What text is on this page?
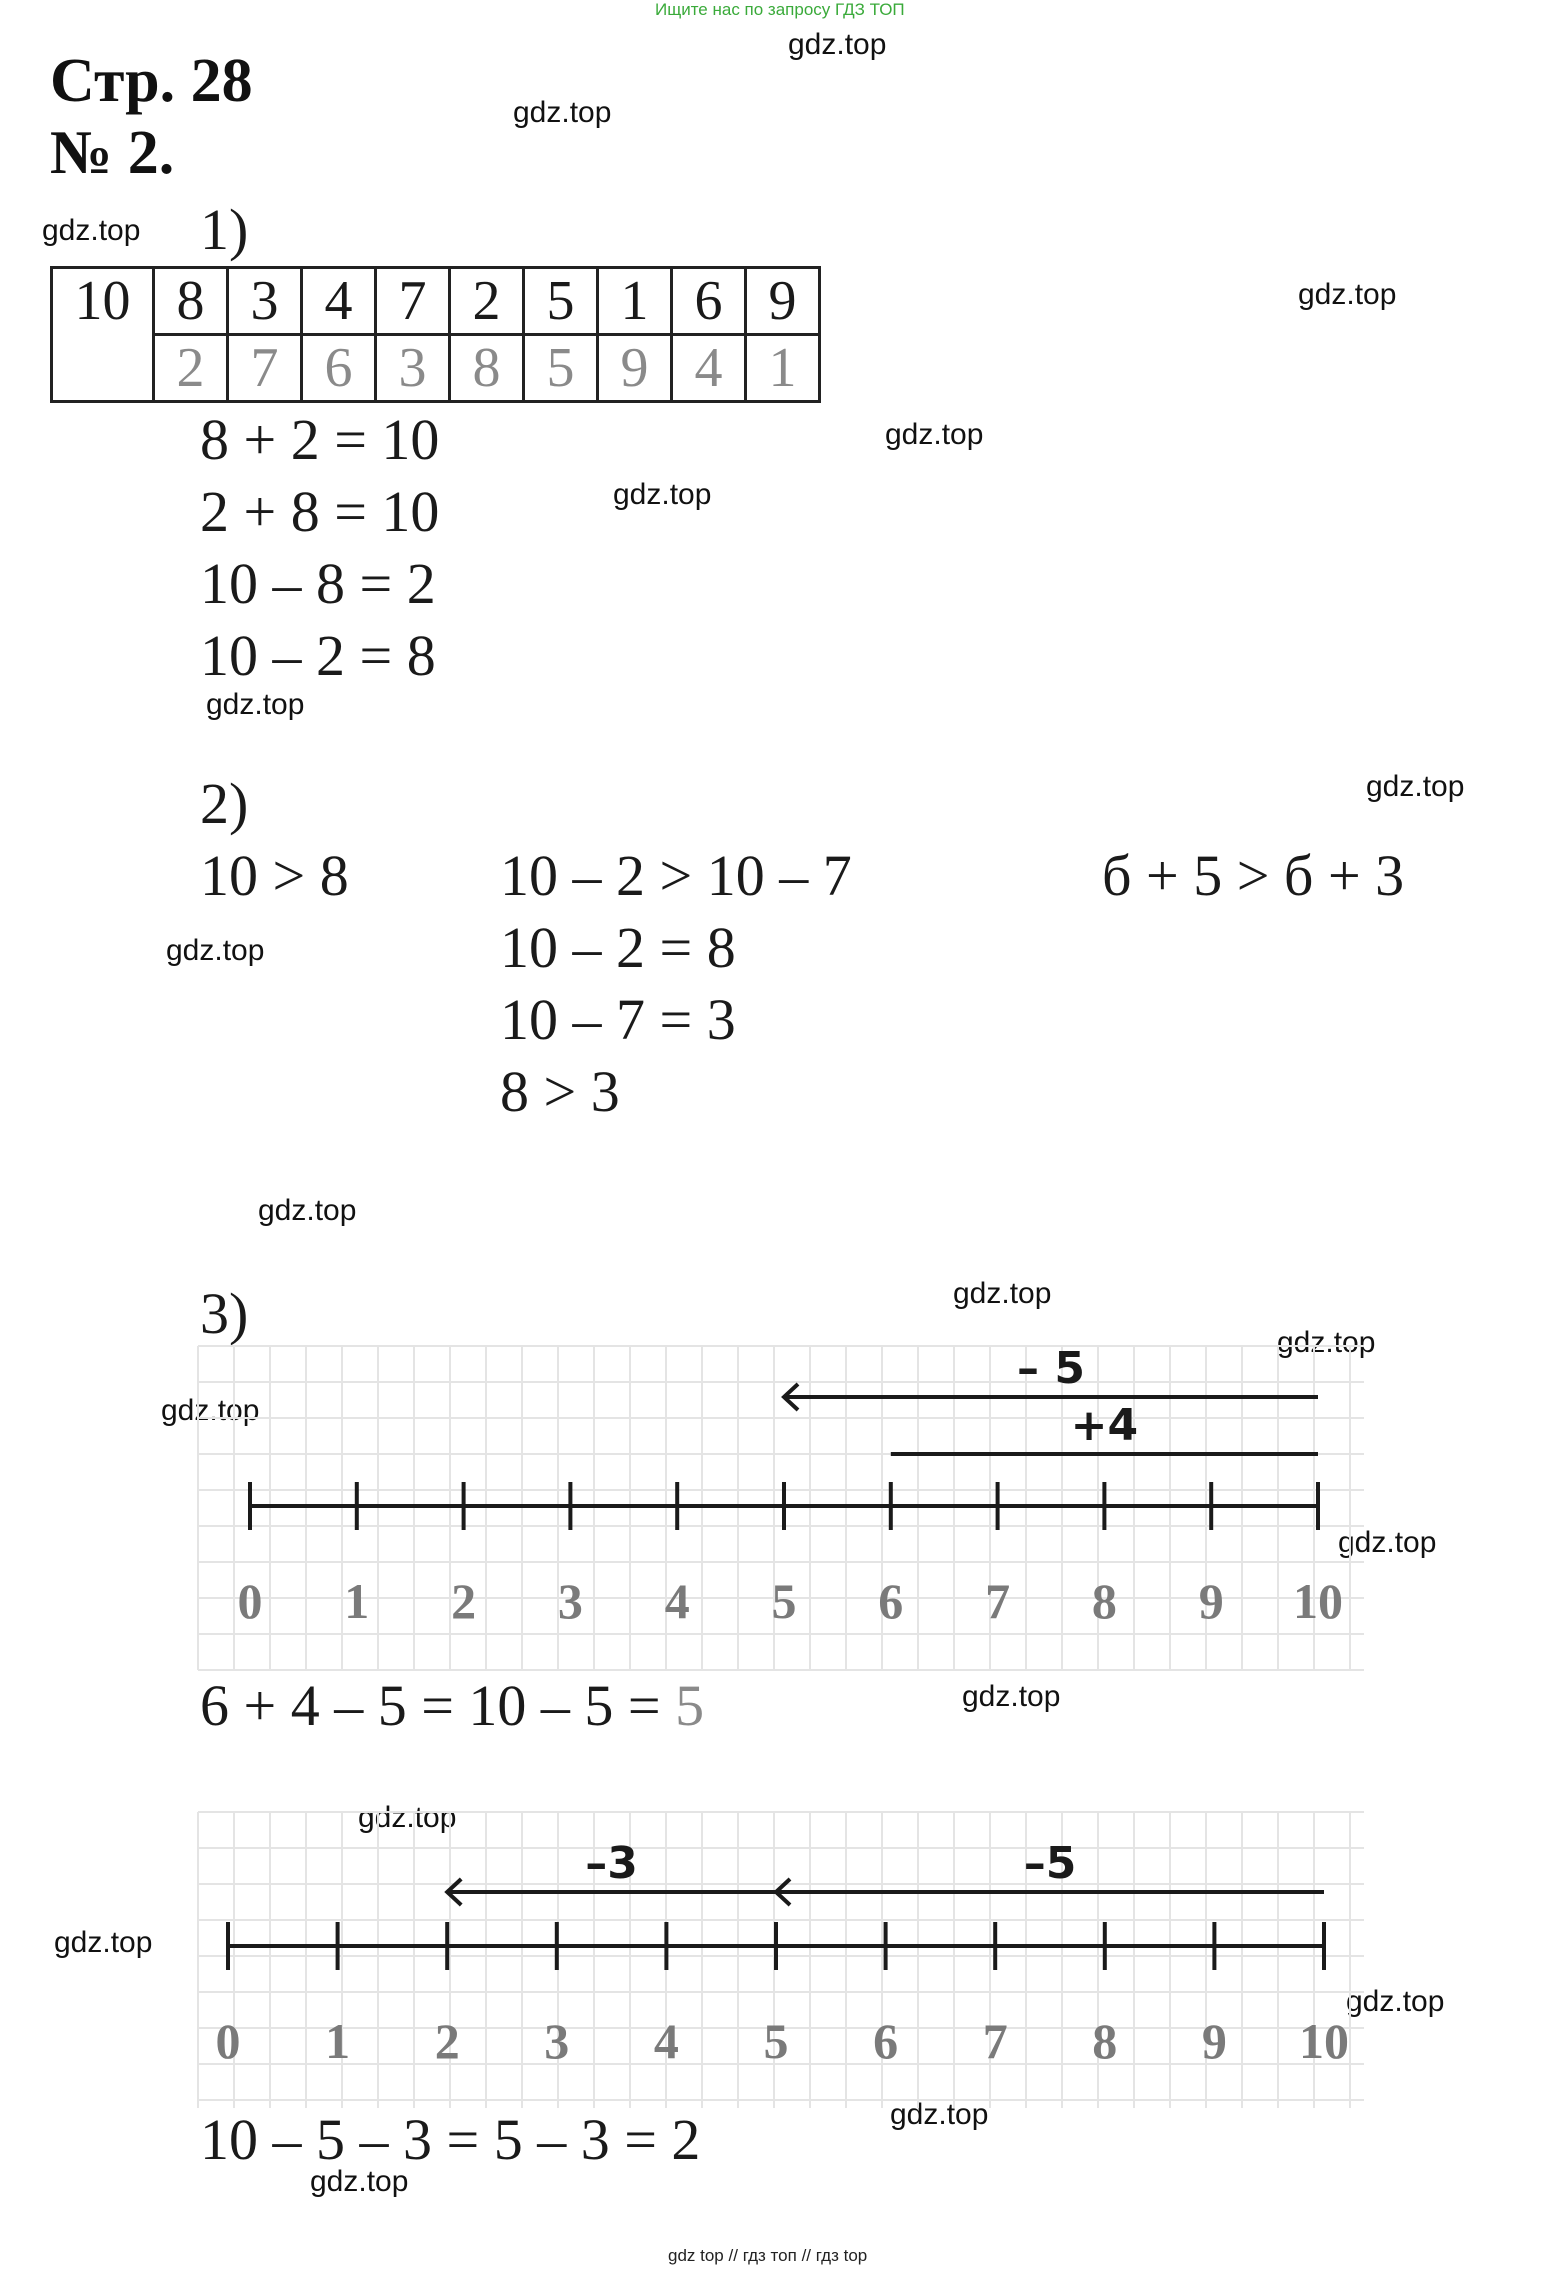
Ищите нас по запросу ГДЗ ТОП
Стр. 28
№ 2.
gdz.top
gdz.top
gdz.top
gdz.top
gdz.top
gdz.top
gdz.top
gdz.top
gdz.top
gdz.top
gdz.top
gdz.top
gdz.top
gdz.top
gdz.top
gdz.top
gdz.top
gdz.top
gdz.top
gdz.top
1)
10	8	3	4	7	2	5	1	6	9
	2	7	6	3	8	5	9	4	1
8 + 2 = 10
2 + 8 = 10
10 – 8 = 2
10 – 2 = 8
2)
10 > 8	10 – 2 > 10 – 7
10 – 2 = 8
10 – 7 = 3
8 > 3
б + 5 > б + 3
3)
0 1 2 3 4 5 6 7 8 9 10
+4
– 5
6 + 4 – 5 = 10 – 5 = 5
0 1 2 3 4 5 6 7 8 9 10
–5
–3
10 – 5 – 3 = 5 – 3 = 2
gdz top // гдз топ // гдз top
